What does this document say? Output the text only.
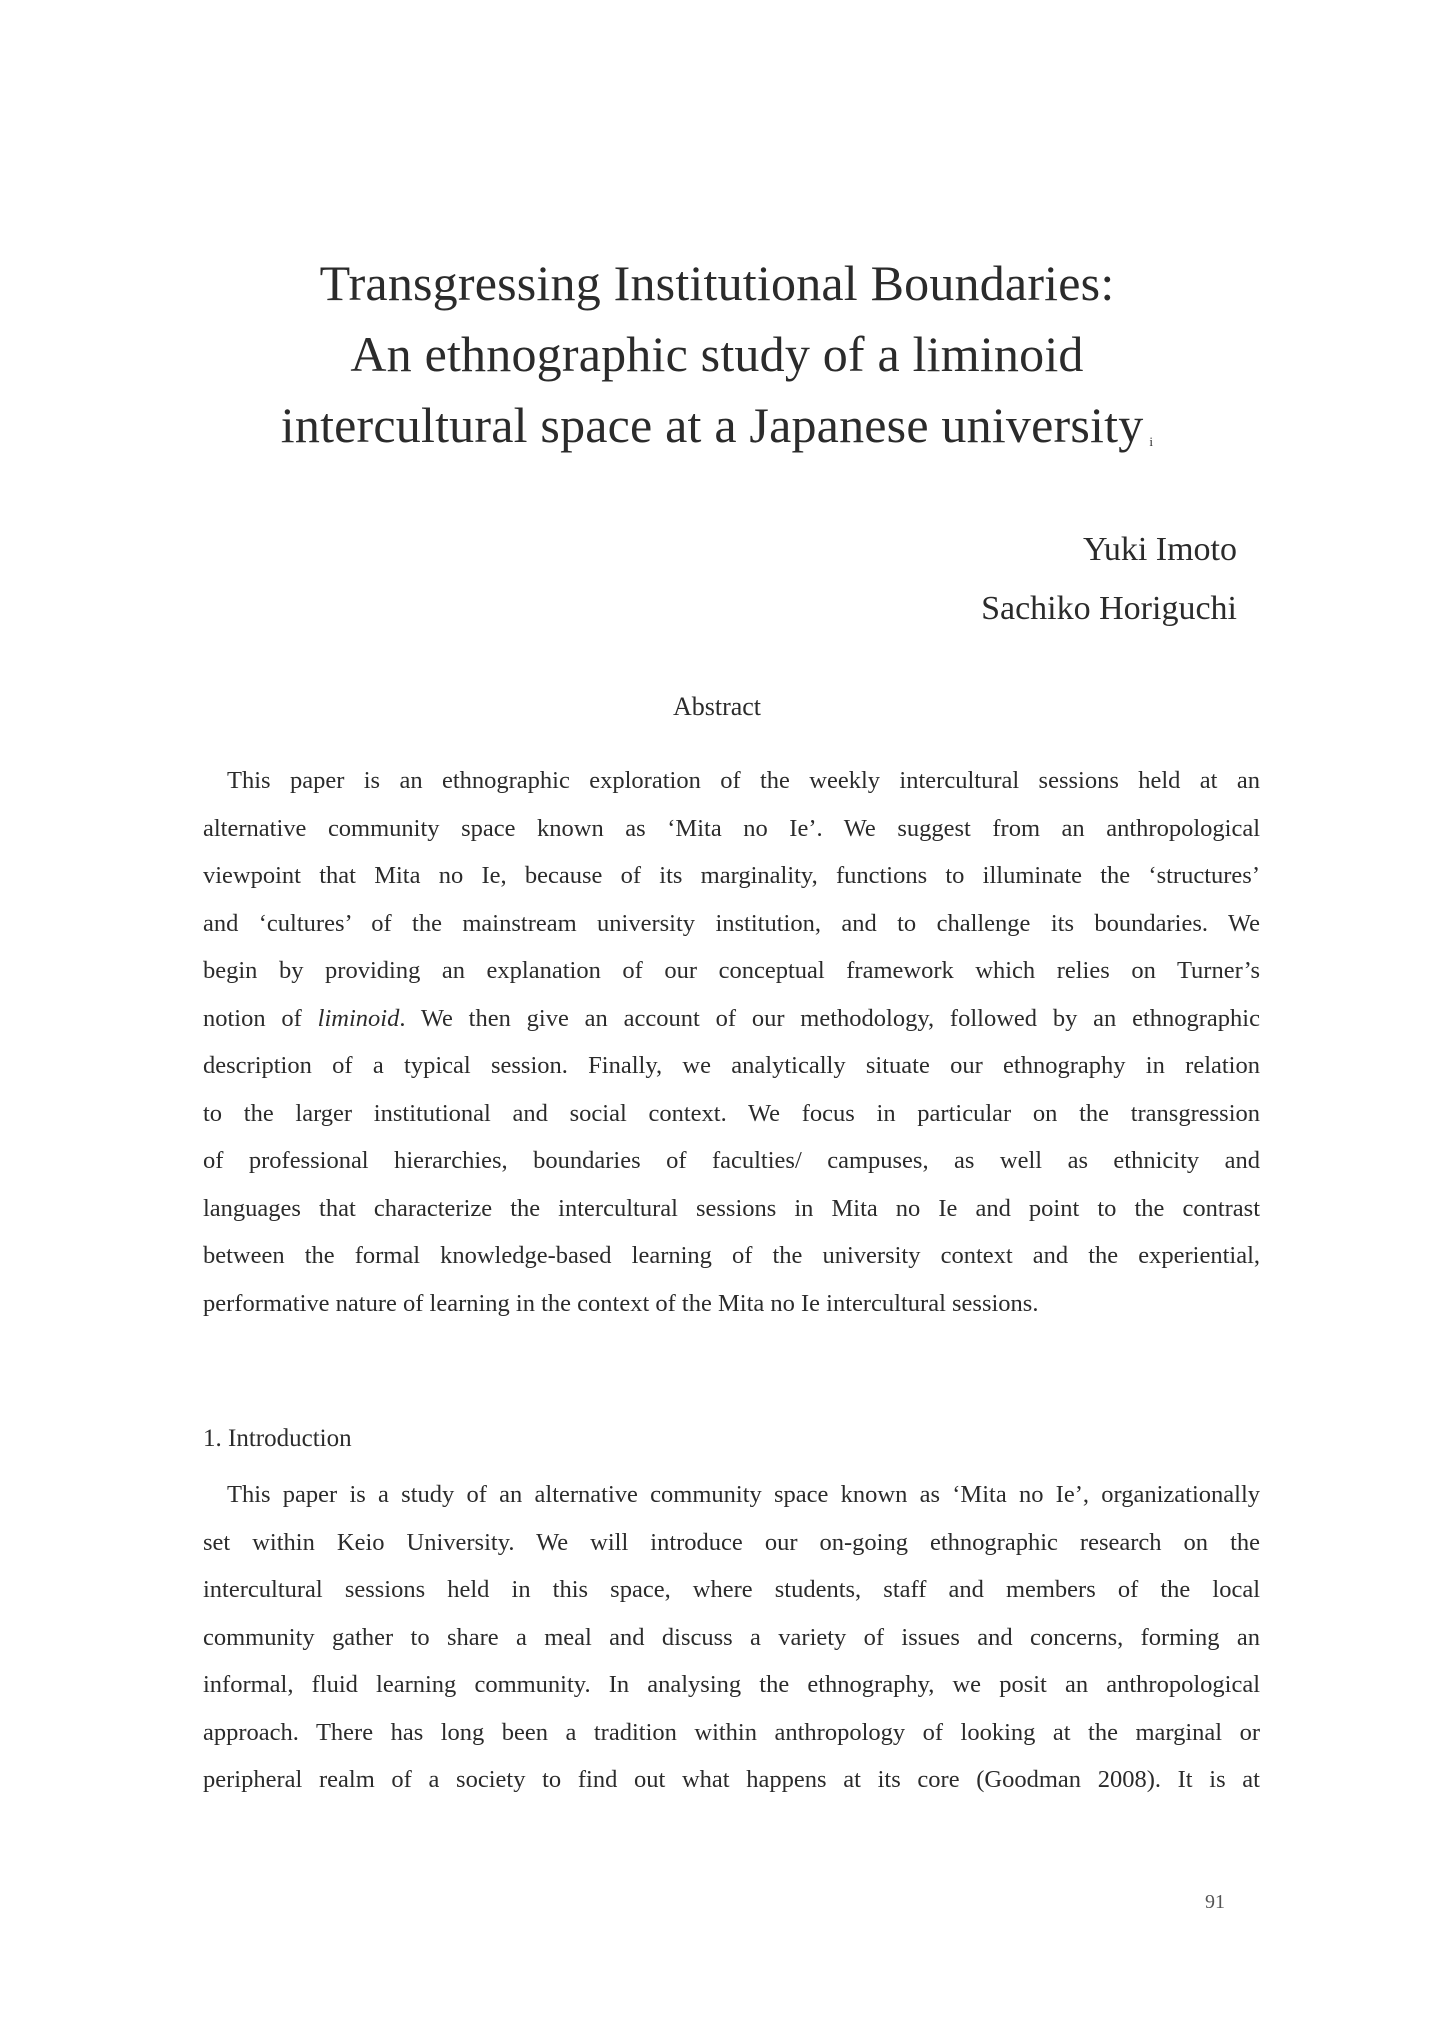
Transgressing Institutional Boundaries:
An ethnographic study of a liminoid
intercultural space at a Japanese university $^i$
Yuki Imoto
Sachiko Horiguchi
Abstract
This paper is an ethnographic exploration of the weekly intercultural sessions held at an
alternative community space known as ‘Mita no Ie’. We suggest from an anthropological
viewpoint that Mita no Ie, because of its marginality, functions to illuminate the ‘structures’
and ‘cultures’ of the mainstream university institution, and to challenge its boundaries. We
begin by providing an explanation of our conceptual framework which relies on Turner’s
notion of liminoid. We then give an account of our methodology, followed by an ethnographic
description of a typical session. Finally, we analytically situate our ethnography in relation
to the larger institutional and social context. We focus in particular on the transgression
of professional hierarchies, boundaries of faculties/ campuses, as well as ethnicity and
languages that characterize the intercultural sessions in Mita no Ie and point to the contrast
between the formal knowledge-based learning of the university context and the experiential,
performative nature of learning in the context of the Mita no Ie intercultural sessions.
1. Introduction
This paper is a study of an alternative community space known as ‘Mita no Ie’, organizationally
set within Keio University. We will introduce our on-going ethnographic research on the
intercultural sessions held in this space, where students, staff and members of the local
community gather to share a meal and discuss a variety of issues and concerns, forming an
informal, fluid learning community. In analysing the ethnography, we posit an anthropological
approach. There has long been a tradition within anthropology of looking at the marginal or
peripheral realm of a society to find out what happens at its core (Goodman 2008). It is at
91
